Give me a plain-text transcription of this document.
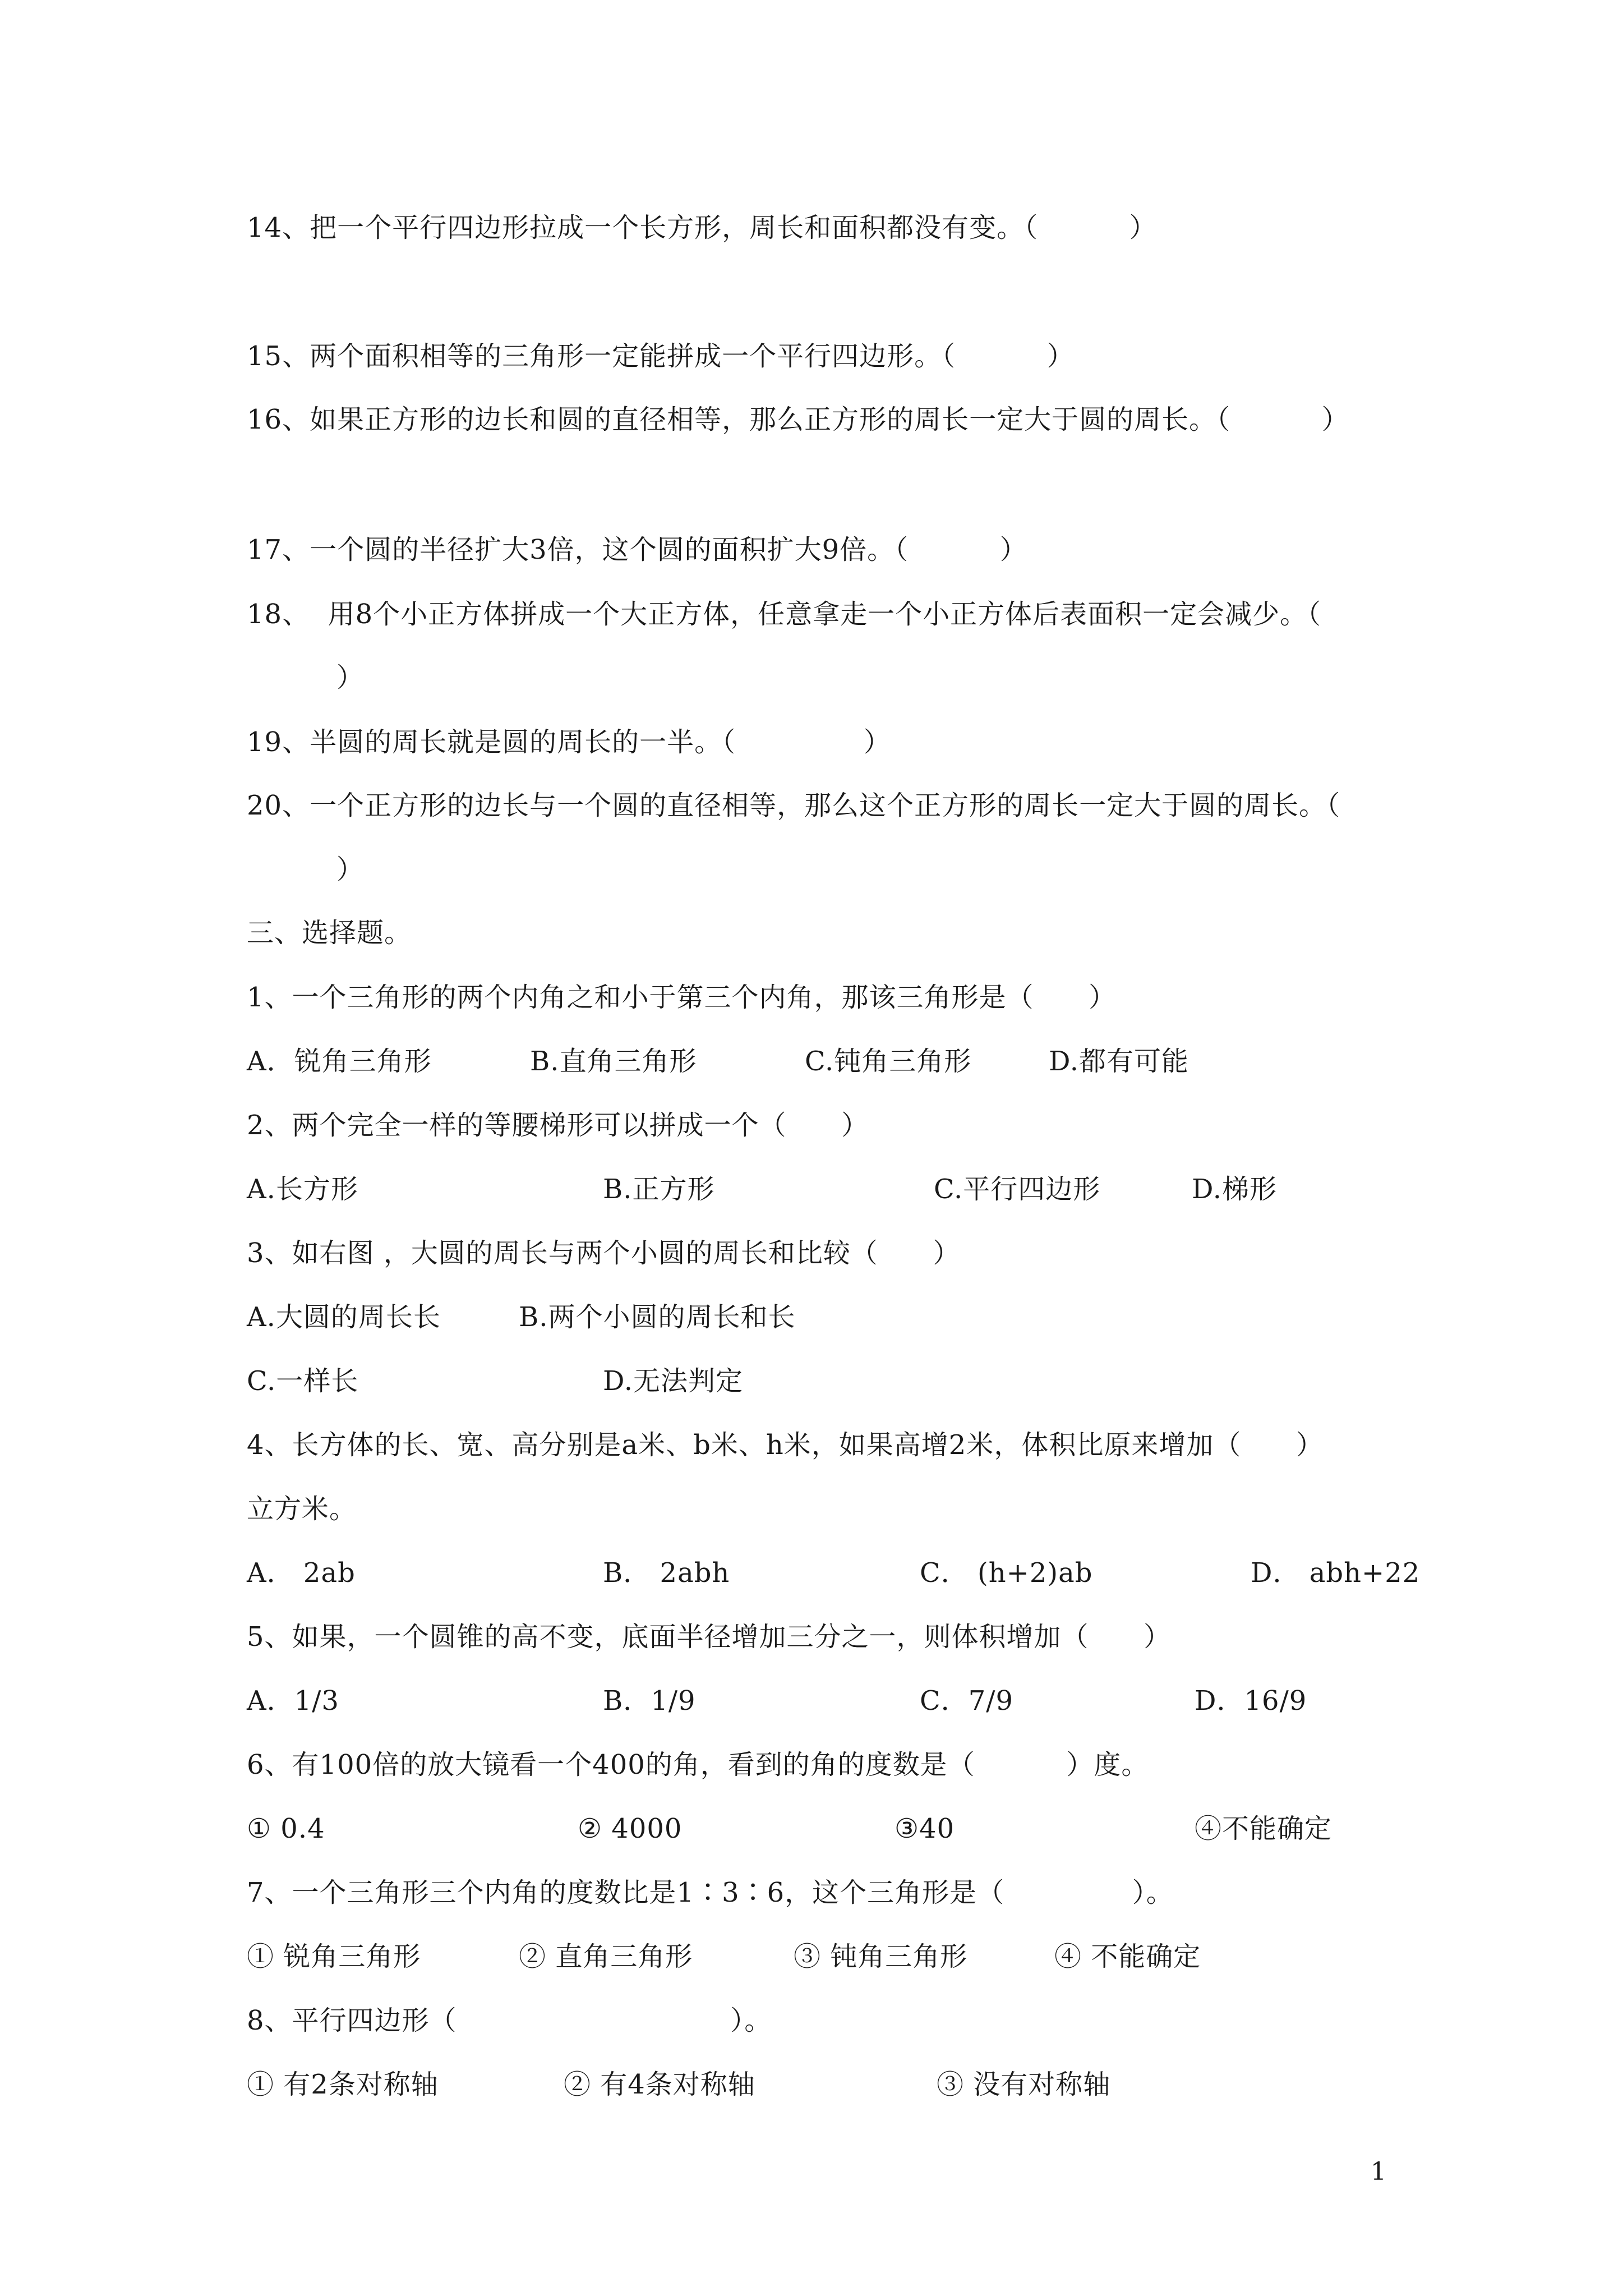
14、把一个平行四边形拉成一个长方形，周长和面积都没有变。（          ）
15、两个面积相等的三角形一定能拼成一个平行四边形。（          ）
16、如果正方形的边长和圆的直径相等，那么正方形的周长一定大于圆的周长。（          ）
17、一个圆的半径扩大3倍，这个圆的面积扩大9倍。（          ）
18、  用8个小正方体拼成一个大正方体，任意拿走一个小正方体后表面积一定会减少。（
）
19、半圆的周长就是圆的周长的一半。（              ）
20、一个正方形的边长与一个圆的直径相等，那么这个正方形的周长一定大于圆的周长。（
）
三、选择题。
1、一个三角形的两个内角之和小于第三个内角，那该三角形是（      ）
A．锐角三角形	B.直角三角形	C.钝角三角形	D.都有可能
2、两个完全一样的等腰梯形可以拼成一个（      ）
A.长方形	B.正方形	C.平行四边形	D.梯形
3、如右图 ，大圆的周长与两个小圆的周长和比较（      ）
A.大圆的周长长	B.两个小圆的周长和长
C.一样长	D.无法判定
4、长方体的长、宽、高分别是a米、b米、h米，如果高增2米，体积比原来增加（      ）
立方米。
A． 2ab	B． 2abh	C． (h+2)ab	D． abh+22
5、如果，一个圆锥的高不变，底面半径增加三分之一，则体积增加（      ）
A．1/3	B．1/9	C．7/9	D．16/9
6、有100倍的放大镜看一个400的角，看到的角的度数是（          ）度。
① 0.4	② 4000	③40	④不能确定
7、一个三角形三个内角的度数比是1∶3∶6，这个三角形是（              ）。
① 锐角三角形	② 直角三角形	③ 钝角三角形	④ 不能确定
8、平行四边形（                              ）。
① 有2条对称轴	② 有4条对称轴	③ 没有对称轴
1
